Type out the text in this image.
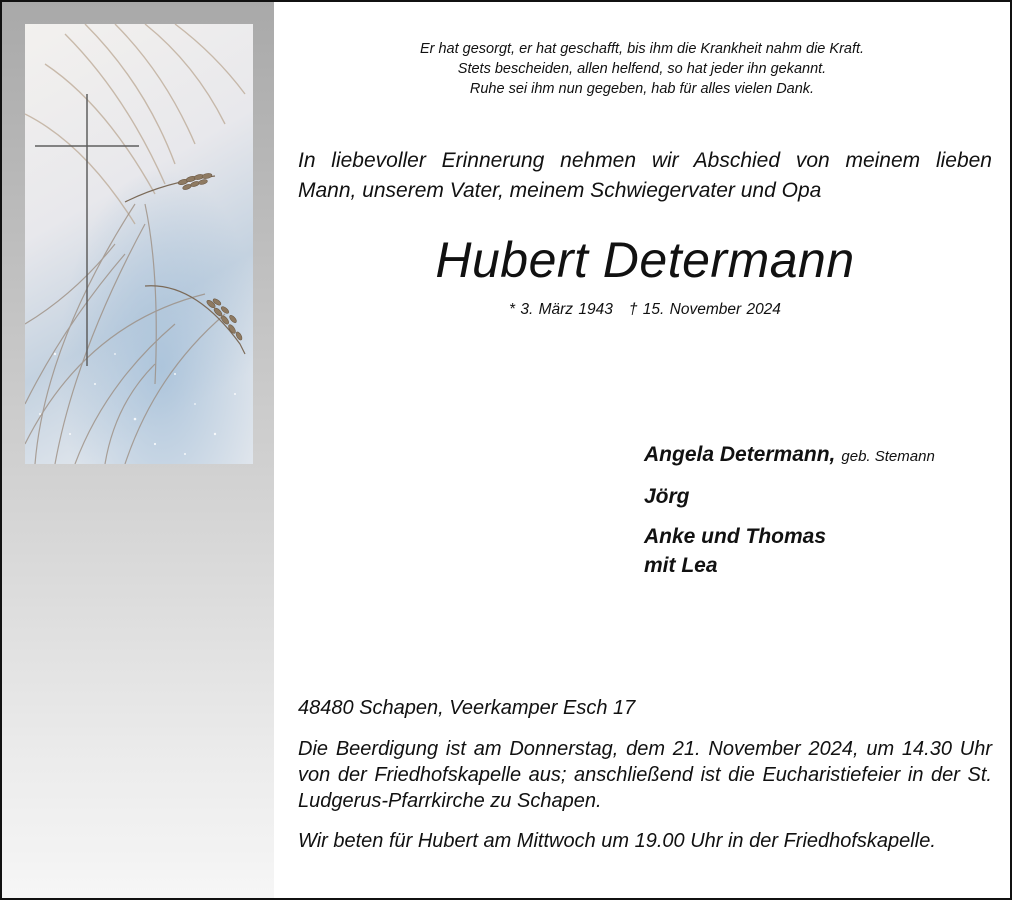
Er hat gesorgt, er hat geschafft, bis ihm die Krankheit nahm die Kraft.
Stets bescheiden, allen helfend, so hat jeder ihn gekannt.
Ruhe sei ihm nun gegeben, hab für alles vielen Dank.
In liebevoller Erinnerung nehmen wir Abschied von meinem lieben
Mann, unserem Vater, meinem Schwiegervater und Opa
Hubert Determann
* 3. März 1943 † 15. November 2024
Angela Determann, geb. Stemann
Jörg
Anke und Thomas
mit Lea
48480 Schapen, Veerkamper Esch 17
Die Beerdigung ist am Donnerstag, dem 21. November 2024, um 14.30 Uhr von der Friedhofskapelle aus; anschließend ist die Eucharistiefeier in der St. Ludgerus-Pfarrkirche zu Schapen.
Wir beten für Hubert am Mittwoch um 19.00 Uhr in der Friedhofskapelle.
